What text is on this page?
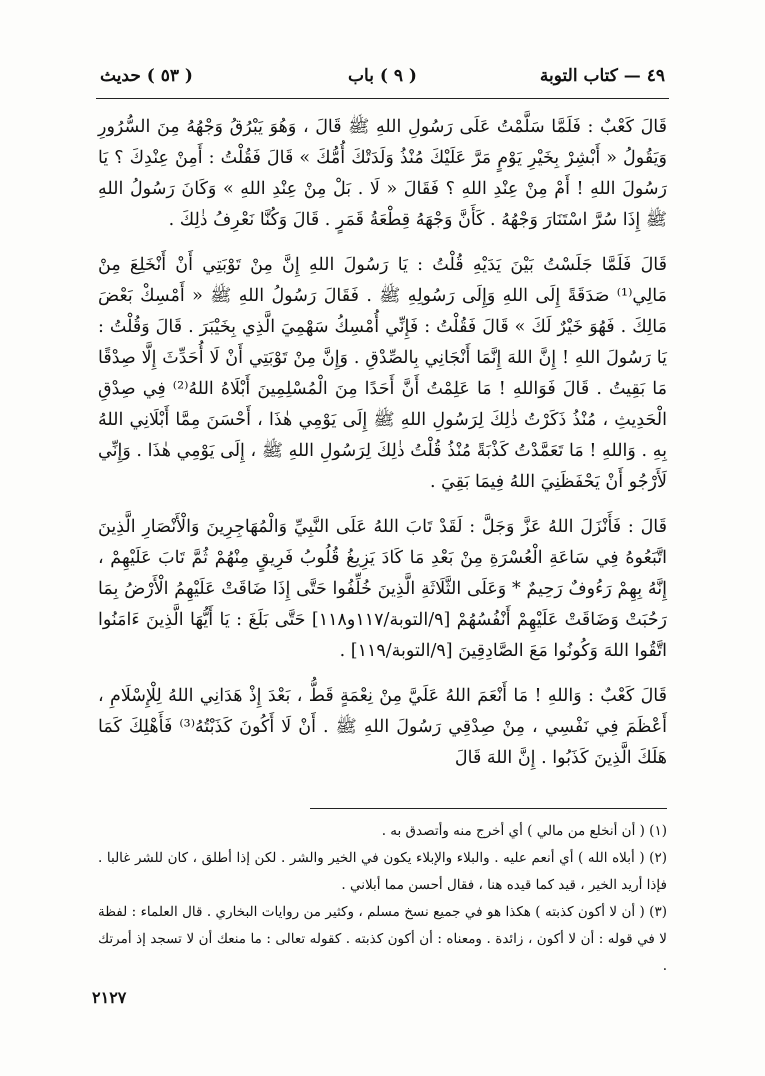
٤٩ — كتاب التوبة
( ٩ ) باب
( ٥٣ ) حديث

قَالَ كَعْبٌ : فَلَمَّا سَلَّمْتُ عَلَى رَسُولِ اللهِ ﷺ قَالَ ، وَهُوَ يَبْرُقُ وَجْهُهُ مِنَ السُّرُورِ وَيَقُولُ « أَبْشِرْ بِخَيْرِ يَوْمٍ مَرَّ عَلَيْكَ مُنْذُ وَلَدَتْكَ أُمُّكَ » قَالَ فَقُلْتُ : أَمِنْ عِنْدِكَ ؟ يَا رَسُولَ اللهِ ! أَمْ مِنْ عِنْدِ اللهِ ؟ فَقَالَ « لَا . بَلْ مِنْ عِنْدِ اللهِ » وَكَانَ رَسُولُ اللهِ ﷺ إِذَا سُرَّ اسْتَنَارَ وَجْهُهُ . كَأَنَّ وَجْهَهُ قِطْعَةُ قَمَرٍ . قَالَ وَكُنَّا نَعْرِفُ ذٰلِكَ .

قَالَ فَلَمَّا جَلَسْتُ بَيْنَ يَدَيْهِ قُلْتُ : يَا رَسُولَ اللهِ إِنَّ مِنْ تَوْبَتِي أَنْ أَنْخَلِعَ مِنْ مَالِي⁽¹⁾ صَدَقَةً إِلَى اللهِ وَإِلَى رَسُولِهِ ﷺ . فَقَالَ رَسُولُ اللهِ ﷺ « أَمْسِكْ بَعْضَ مَالِكَ . فَهُوَ خَيْرٌ لَكَ » قَالَ فَقُلْتُ : فَإِنِّي أُمْسِكُ سَهْمِيَ الَّذِي بِخَيْبَرَ . قَالَ وَقُلْتُ : يَا رَسُولَ اللهِ ! إِنَّ اللهَ إِنَّمَا أَنْجَانِي بِالصِّدْقِ . وَإِنَّ مِنْ تَوْبَتِي أَنْ لَا أُحَدِّثَ إِلَّا صِدْقًا مَا بَقِيتُ . قَالَ فَوَاللهِ ! مَا عَلِمْتُ أَنَّ أَحَدًا مِنَ الْمُسْلِمِينَ أَبْلَاهُ اللهُ⁽²⁾ فِي صِدْقِ الْحَدِيثِ ، مُنْذُ ذَكَرْتُ ذٰلِكَ لِرَسُولِ اللهِ ﷺ إِلَى يَوْمِي هٰذَا ، أَحْسَنَ مِمَّا أَبْلَانِي اللهُ بِهِ . وَاللهِ ! مَا تَعَمَّدْتُ كَذْبَةً مُنْذُ قُلْتُ ذٰلِكَ لِرَسُولِ اللهِ ﷺ ، إِلَى يَوْمِي هٰذَا . وَإِنِّي لَأَرْجُو أَنْ يَحْفَظَنِيَ اللهُ فِيمَا بَقِيَ .

قَالَ : فَأَنْزَلَ اللهُ عَزَّ وَجَلَّ : لَقَدْ تَابَ اللهُ عَلَى النَّبِيِّ وَالْمُهَاجِرِينَ وَالْأَنْصَارِ الَّذِينَ اتَّبَعُوهُ فِي سَاعَةِ الْعُسْرَةِ مِنْ بَعْدِ مَا كَادَ يَزِيغُ قُلُوبُ فَرِيقٍ مِنْهُمْ ثُمَّ تَابَ عَلَيْهِمْ ، إِنَّهُ بِهِمْ رَءُوفٌ رَحِيمٌ * وَعَلَى الثَّلَاثَةِ الَّذِينَ خُلِّفُوا حَتَّى إِذَا ضَاقَتْ عَلَيْهِمُ الْأَرْضُ بِمَا رَحُبَتْ وَضَاقَتْ عَلَيْهِمْ أَنْفُسُهُمْ [٩/التوبة/١١٧و١١٨] حَتَّى بَلَغَ : يَا أَيُّهَا الَّذِينَ ءَامَنُوا اتَّقُوا اللهَ وَكُونُوا مَعَ الصَّادِقِينَ [٩/التوبة/١١٩] .

قَالَ كَعْبٌ : وَاللهِ ! مَا أَنْعَمَ اللهُ عَلَيَّ مِنْ نِعْمَةٍ قَطُّ ، بَعْدَ إِذْ هَدَانِي اللهُ لِلْإِسْلَامِ ، أَعْظَمَ فِي نَفْسِي ، مِنْ صِدْقِي رَسُولَ اللهِ ﷺ . أَنْ لَا أَكُونَ كَذَبْتُهُ⁽³⁾ فَأَهْلِكَ كَمَا هَلَكَ الَّذِينَ كَذَبُوا . إِنَّ اللهَ قَالَ

(١) ( أن أنخلع من مالي ) أي أخرج منه وأتصدق به .

(٢) ( أبلاه الله ) أي أنعم عليه . والبلاء والإبلاء يكون في الخير والشر . لكن إذا أطلق ، كان للشر غالبا . فإذا أريد الخير ، قيد كما قيده هنا ، فقال أحسن مما أبلاني .

(٣) ( أن لا أكون كذبته ) هكذا هو في جميع نسخ مسلم ، وكثير من روايات البخاري . قال العلماء : لفظة لا في قوله : أن لا أكون ، زائدة . ومعناه : أن أكون كذبته . كقوله تعالى : ما منعك أن لا تسجد إذ أمرتك .

٢١٢٧
